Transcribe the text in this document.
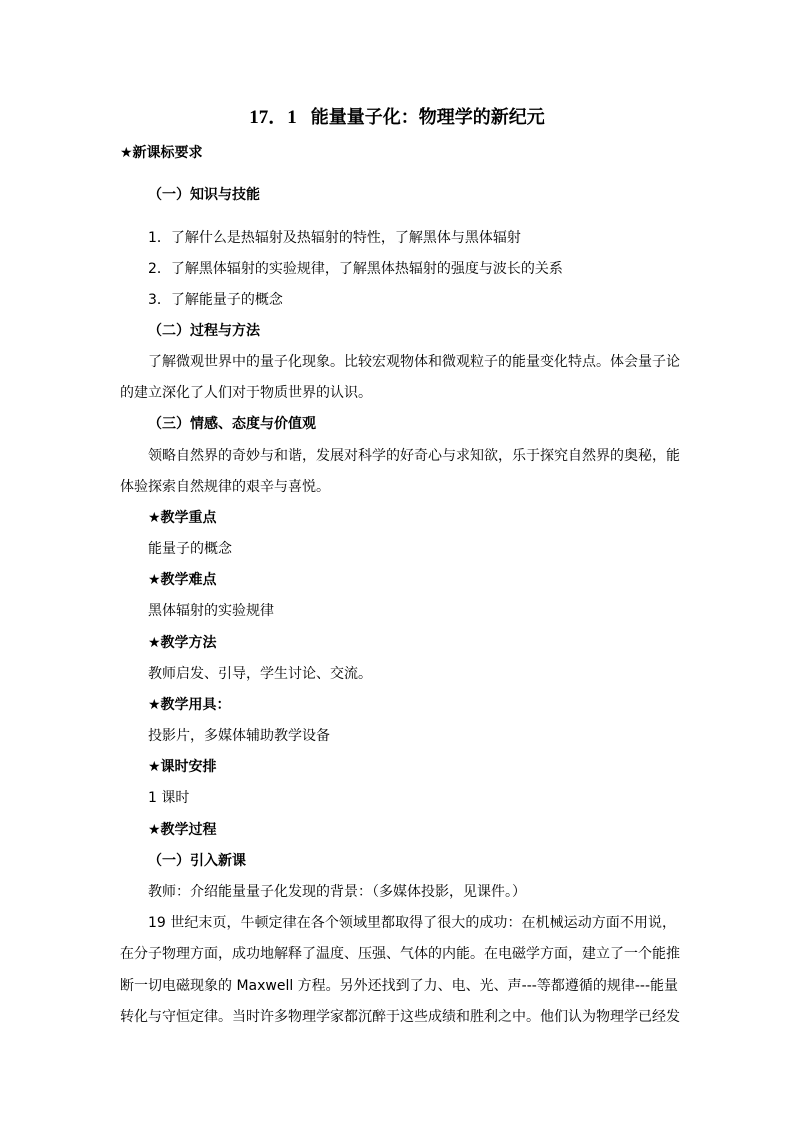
17．1 能量量子化：物理学的新纪元
★新课标要求
（一）知识与技能
1．了解什么是热辐射及热辐射的特性，了解黑体与黑体辐射
2．了解黑体辐射的实验规律，了解黑体热辐射的强度与波长的关系
3．了解能量子的概念
（二）过程与方法
了解微观世界中的量子化现象。比较宏观物体和微观粒子的能量变化特点。体会量子论
的建立深化了人们对于物质世界的认识。
（三）情感、态度与价值观
领略自然界的奇妙与和谐，发展对科学的好奇心与求知欲，乐于探究自然界的奥秘，能
体验探索自然规律的艰辛与喜悦。
★教学重点
能量子的概念
★教学难点
黑体辐射的实验规律
★教学方法
教师启发、引导，学生讨论、交流。
★教学用具：
投影片，多媒体辅助教学设备
★课时安排
1 课时
★教学过程
（一）引入新课
教师：介绍能量量子化发现的背景：（多媒体投影，见课件。）
19 世纪末页，牛顿定律在各个领域里都取得了很大的成功：在机械运动方面不用说，
在分子物理方面，成功地解释了温度、压强、气体的内能。在电磁学方面，建立了一个能推
断一切电磁现象的 Maxwell 方程。另外还找到了力、电、光、声---等都遵循的规律---能量
转化与守恒定律。当时许多物理学家都沉醉于这些成绩和胜利之中。他们认为物理学已经发
